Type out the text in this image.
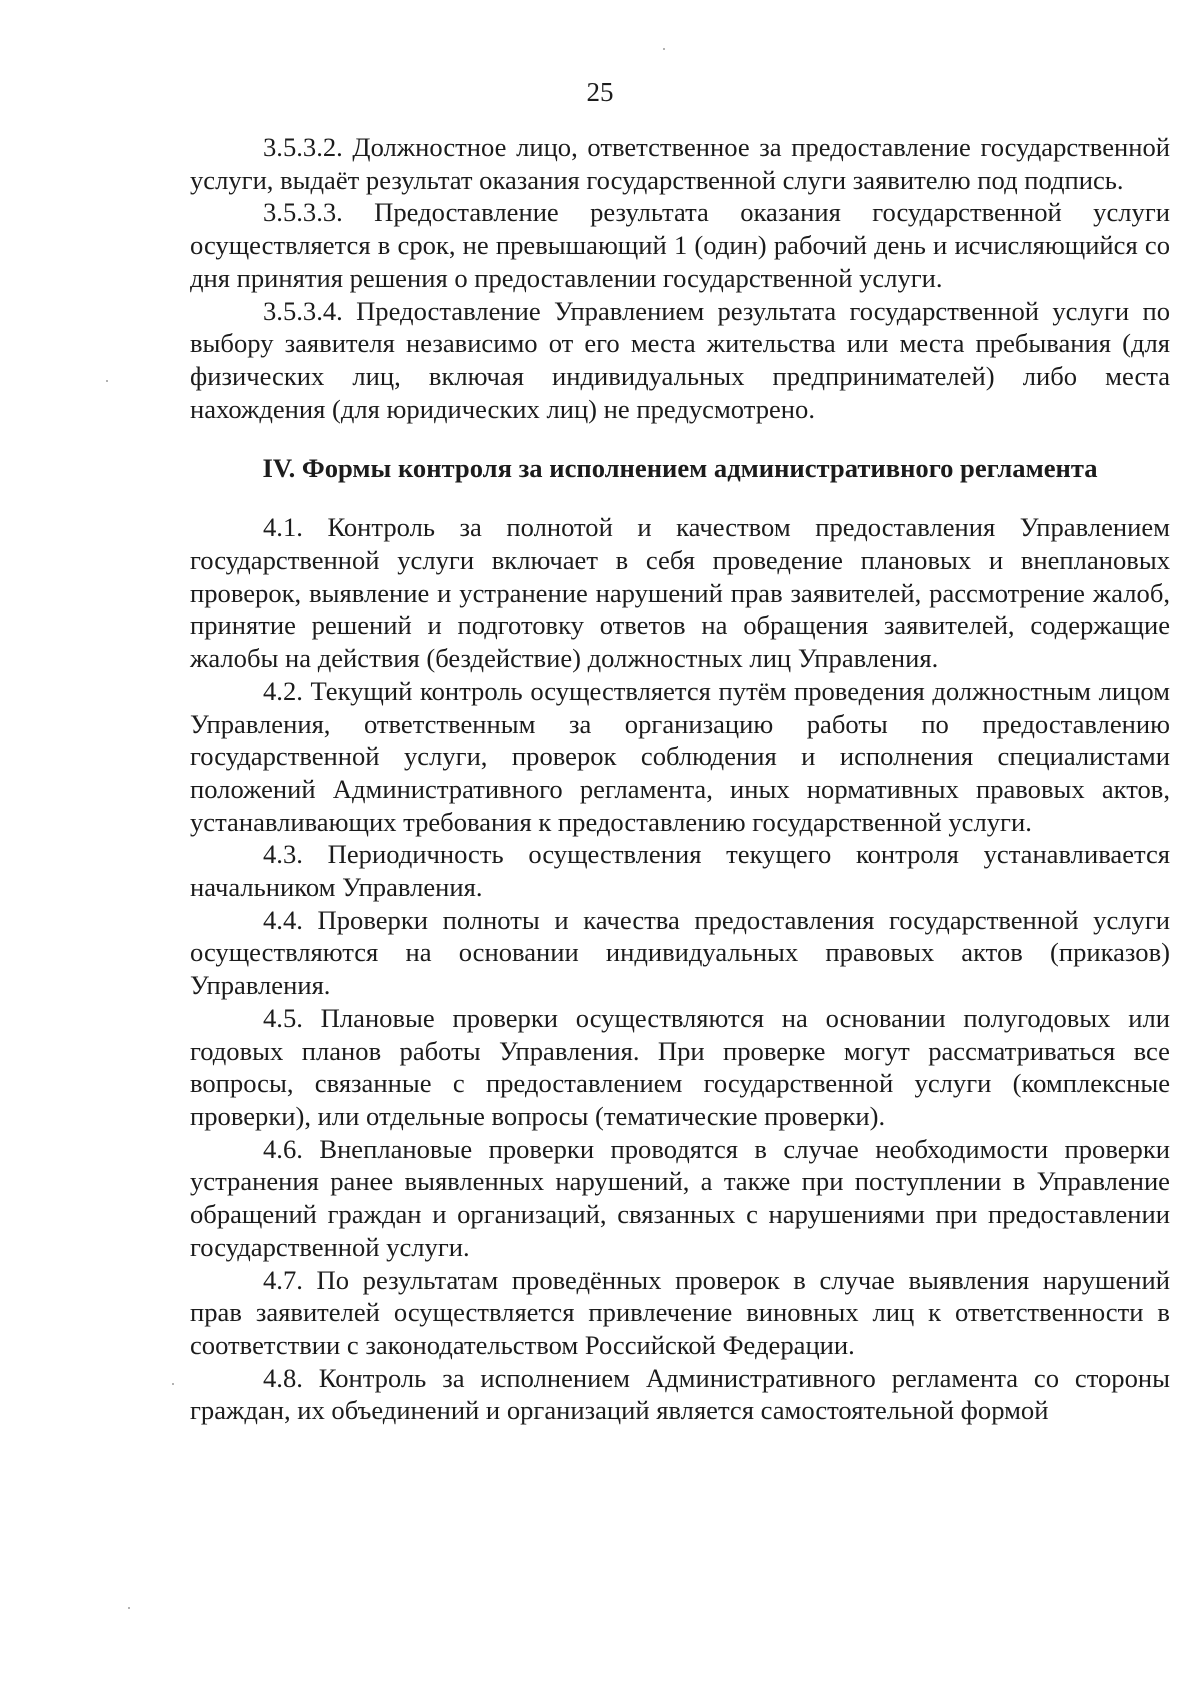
25

3.5.3.2. Должностное лицо, ответственное за предоставление государственной услуги, выдаёт результат оказания государственной слуги заявителю под подпись.

3.5.3.3. Предоставление результата оказания государственной услуги осуществляется в срок, не превышающий 1 (один) рабочий день и исчисляющийся со дня принятия решения о предоставлении государственной услуги.

3.5.3.4. Предоставление Управлением результата государственной услуги по выбору заявителя независимо от его места жительства или места пребывания (для физических лиц, включая индивидуальных предпринимателей) либо места нахождения (для юридических лиц) не предусмотрено.

IV. Формы контроля за исполнением административного регламента

4.1. Контроль за полнотой и качеством предоставления Управлением государственной услуги включает в себя проведение плановых и внеплановых проверок, выявление и устранение нарушений прав заявителей, рассмотрение жалоб, принятие решений и подготовку ответов на обращения заявителей, содержащие жалобы на действия (бездействие) должностных лиц Управления.

4.2. Текущий контроль осуществляется путём проведения должностным лицом Управления, ответственным за организацию работы по предоставлению государственной услуги, проверок соблюдения и исполнения специалистами положений Административного регламента, иных нормативных правовых актов, устанавливающих требования к предоставлению государственной услуги.

4.3. Периодичность осуществления текущего контроля устанавливается начальником Управления.

4.4. Проверки полноты и качества предоставления государственной услуги осуществляются на основании индивидуальных правовых актов (приказов) Управления.

4.5. Плановые проверки осуществляются на основании полугодовых или годовых планов работы Управления. При проверке могут рассматриваться все вопросы, связанные с предоставлением государственной услуги (комплексные проверки), или отдельные вопросы (тематические проверки).

4.6. Внеплановые проверки проводятся в случае необходимости проверки устранения ранее выявленных нарушений, а также при поступлении в Управление обращений граждан и организаций, связанных с нарушениями при предоставлении государственной услуги.

4.7. По результатам проведённых проверок в случае выявления нарушений прав заявителей осуществляется привлечение виновных лиц к ответственности в соответствии с законодательством Российской Федерации.

4.8. Контроль за исполнением Административного регламента со стороны граждан, их объединений и организаций является самостоятельной формой
